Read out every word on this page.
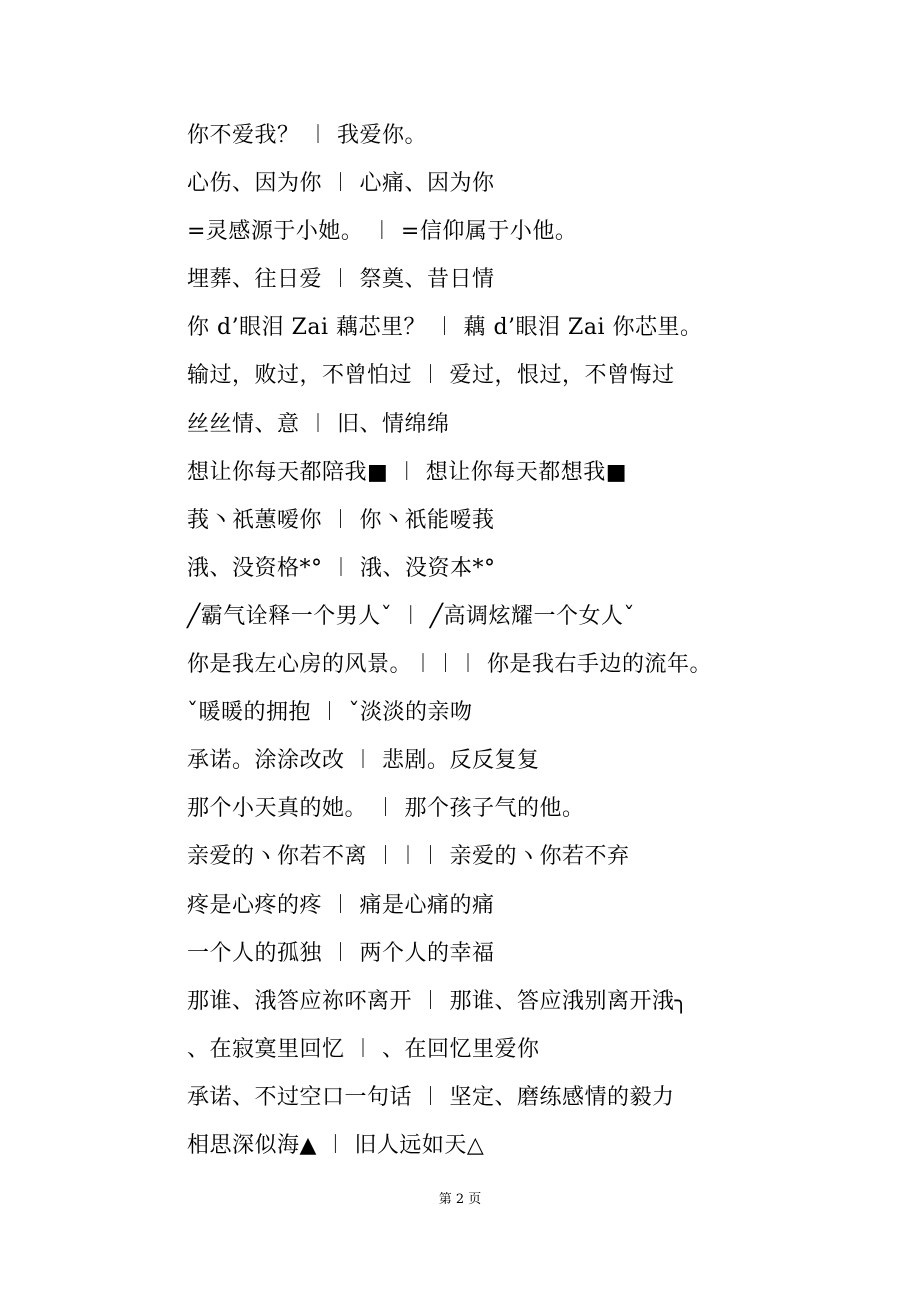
你不爱我？ ︱ 我爱你。
心伤、因为你 ︱ 心痛、因为你
=灵感源于小她。 ︱ =信仰属于小他。
埋葬、往日爱 ︱ 祭奠、昔日情
你 d’眼泪 Zai 藕芯里？ ︱ 藕 d’眼泪 Zai 你芯里。
输过，败过，不曾怕过 ︱ 爱过，恨过，不曾悔过
丝丝情、意 ︱ 旧、情绵绵
想让你每天都陪我■ ︱ 想让你每天都想我■
莪丶祇蕙嗳你 ︱ 你丶祇能嗳莪
涐、没资格*° ︱ 涐、没资本*°
╱霸气诠释一个男人ˇ ︱ ╱高调炫耀一个女人ˇ
你是我左心房的风景。︱︱︱ 你是我右手边的流年。
ˇ暖暖的拥抱 ︱ ˇ淡淡的亲吻
承诺。涂涂改改 ︱ 悲剧。反反复复
那个小天真的她。 ︱ 那个孩子气的他。
亲爱的ヽ你若不离 ︱︱︱ 亲爱的ヽ你若不弃
疼是心疼的疼 ︱ 痛是心痛的痛
一个人的孤独 ︱ 两个人的幸福
那谁、涐答应祢吥离开 ︱ 那谁、答应涐别离开涐╮
、在寂寞里回忆 ︱ 、在回忆里爱你
承诺、不过空口一句话 ︱ 坚定、磨练感情的毅力
相思深似海▲ ︱ 旧人远如天△
第 2 页
